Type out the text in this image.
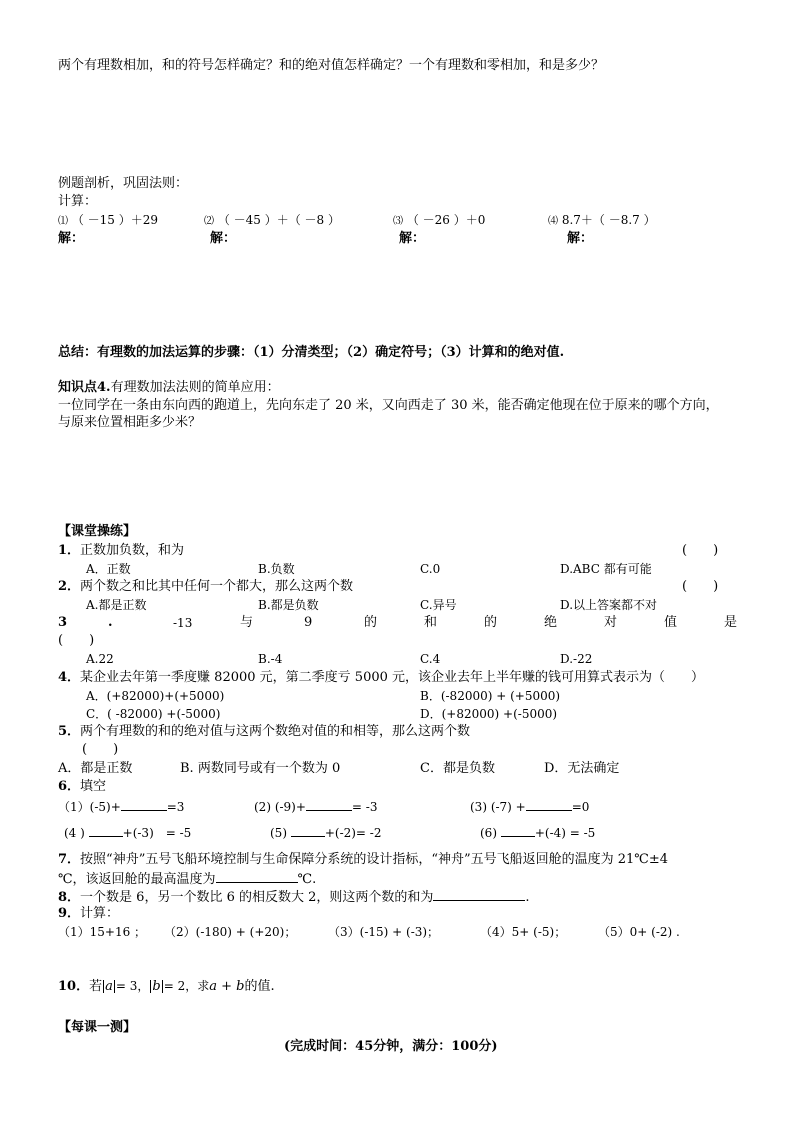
两个有理数相加，和的符号怎样确定？和的绝对值怎样确定？一个有理数和零相加，和是多少？
例题剖析，巩固法则：
计算：
⑴ （ －15 ）＋29	⑵ （ －45 ）＋（ －8 ）	⑶ （ －26 ）＋0	⑷ 8.7＋（ －8.7 ）
解：	解：	解：	解：
总结：有理数的加法运算的步骤：（1）分清类型；（2）确定符号；（3）计算和的绝对值.
知识点4.有理数加法法则的简单应用：
一位同学在一条由东向西的跑道上，先向东走了 20 米，又向西走了 30 米，能否确定他现在位于原来的哪个方向，
与原来位置相距多少米？
【课堂操练】
1．正数加负数，和为	(　　)
A．正数	B.负数	C.0	D.ABC 都有可能
2．两个数之和比其中任何一个都大，那么这两个数	(　　)
A.都是正数	B.都是负数	C.异号	D.以上答案都不对
3	.	-13	与	9	的	和	的	绝	对	值	是
(　　)
A.22	B.-4	C.4	D.-22
4．某企业去年第一季度赚 82000 元，第二季度亏 5000 元，该企业去年上半年赚的钱可用算式表示为（　　）
A．(+82000)+(+5000)	B．(-82000) + (+5000)
C．( -82000) +(-5000)	D．(+82000) +(-5000)
5．两个有理数的和的绝对值与这两个数绝对值的和相等，那么这两个数
(　　)
A．都是正数	B. 两数同号或有一个数为 0	C．都是负数	D．无法确定
6．填空
（1）(-5)+	=3	(2) (-9)+	= -3	(3) (-7) +	=0
(4 )	+(-3)　= -5	(5)	+(-2)= -2	(6)	+(-4) = -5
7．按照“神舟”五号飞船环境控制与生命保障分系统的设计指标，“神舟”五号飞船返回舱的温度为 21℃±4
℃，该返回舱的最高温度为	℃.
8．一个数是 6，另一个数比 6 的相反数大 2，则这两个数的和为	.
9．计算：
（1）15+16 ； （2）(-180) + (+20)；	（3）(-15) + (-3)；	（4）5+ (-5)；	（5）0+ (-2) .
10．若 a = 3， b = 2，求a + b的值.
【每课一测】
(完成时间：45分钟，满分：100分)
